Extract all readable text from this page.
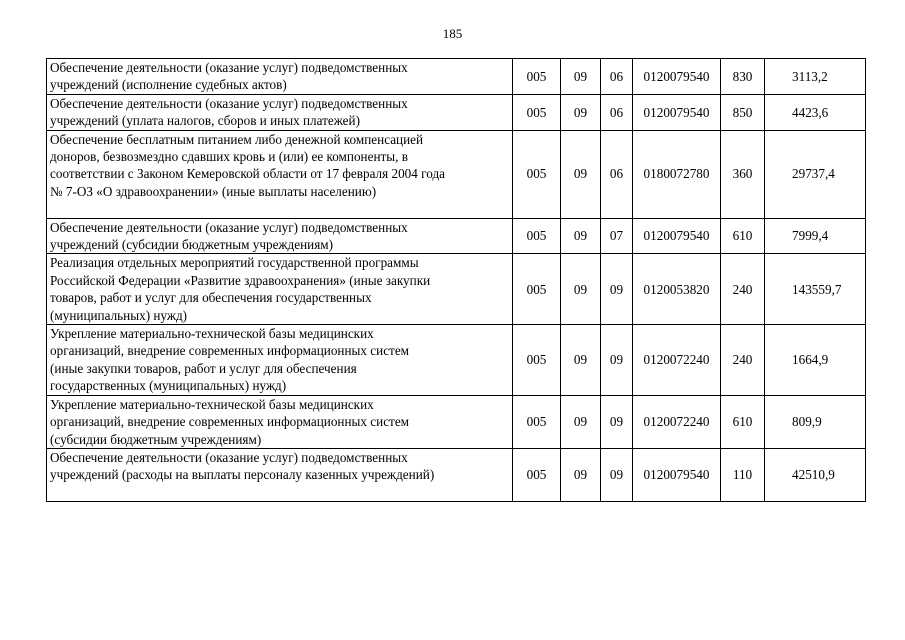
185
Обеспечение деятельности (оказание услуг) подведомственных
учреждений (исполнение судебных актов)	005	09	06	0120079540	830	3113,2

Обеспечение деятельности (оказание услуг) подведомственных
учреждений (уплата налогов, сборов и иных платежей)	005	09	06	0120079540	850	4423,6

Обеспечение бесплатным питанием либо денежной компенсацией
доноров, безвозмездно сдавших кровь и (или) ее компоненты, в
соответствии с Законом Кемеровской области от 17 февраля 2004 года
№ 7-ОЗ «О здравоохранении» (иные выплаты населению)	005	09	06	0180072780	360	29737,4

Обеспечение деятельности (оказание услуг) подведомственных
учреждений (субсидии бюджетным учреждениям)	005	09	07	0120079540	610	7999,4

Реализация отдельных мероприятий государственной программы
Российской Федерации «Развитие здравоохранения» (иные закупки
товаров, работ и услуг для обеспечения государственных
(муниципальных) нужд)	005	09	09	0120053820	240	143559,7

Укрепление материально-технической базы медицинских
организаций, внедрение современных информационных систем
(иные закупки товаров, работ и услуг для обеспечения
государственных (муниципальных) нужд)	005	09	09	0120072240	240	1664,9

Укрепление материально-технической базы медицинских
организаций, внедрение современных информационных систем
(субсидии бюджетным учреждениям)	005	09	09	0120072240	610	809,9

Обеспечение деятельности (оказание услуг) подведомственных
учреждений (расходы на выплаты персоналу казенных учреждений)	005	09	09	0120079540	110	42510,9
